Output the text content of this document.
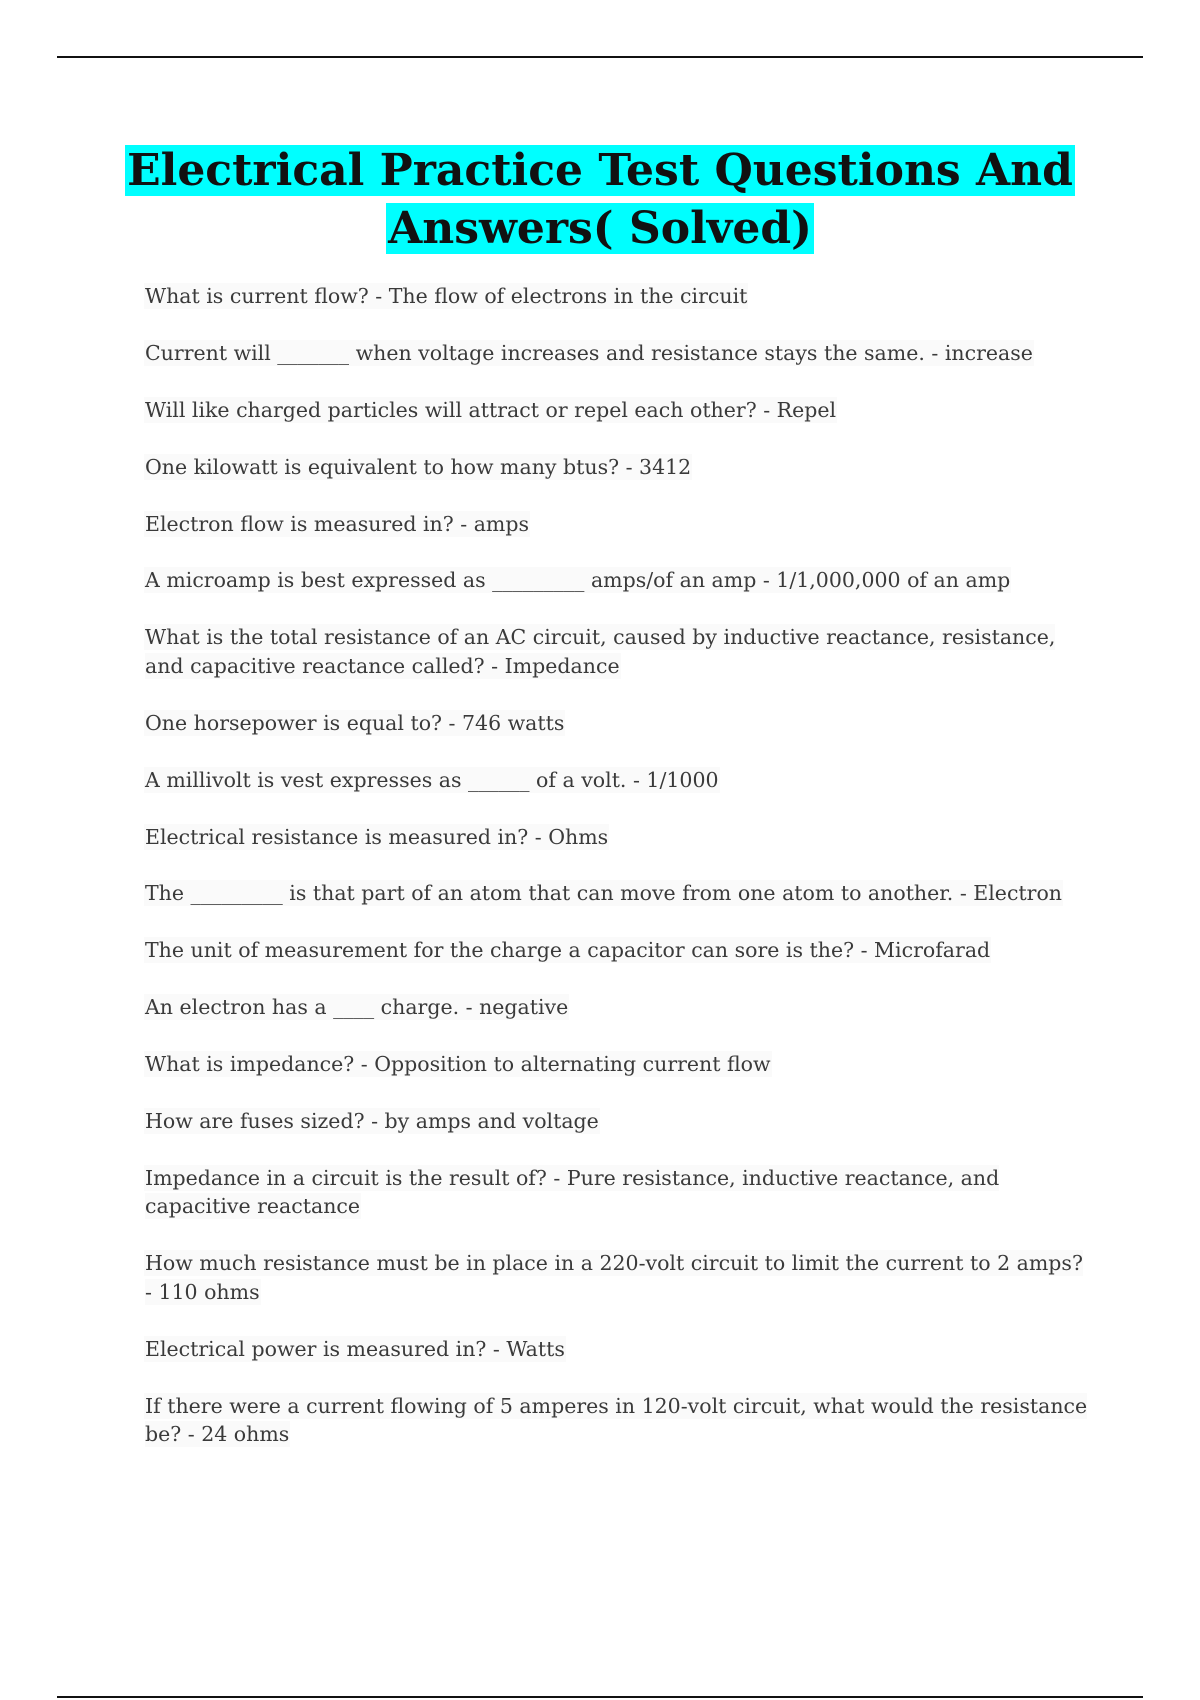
Electrical Practice Test Questions And
Answers( Solved)
What is current flow? - The flow of electrons in the circuit
Current will _______ when voltage increases and resistance stays the same. - increase
Will like charged particles will attract or repel each other? - Repel
One kilowatt is equivalent to how many btus? - 3412
Electron flow is measured in? - amps
A microamp is best expressed as _________ amps/of an amp - 1/1,000,000 of an amp
What is the total resistance of an AC circuit, caused by inductive reactance, resistance, and capacitive reactance called? - Impedance
One horsepower is equal to? - 746 watts
A millivolt is vest expresses as ______ of a volt. - 1/1000
Electrical resistance is measured in? - Ohms
The _________ is that part of an atom that can move from one atom to another. - Electron
The unit of measurement for the charge a capacitor can sore is the? - Microfarad
An electron has a ____ charge. - negative
What is impedance? - Opposition to alternating current flow
How are fuses sized? - by amps and voltage
Impedance in a circuit is the result of? - Pure resistance, inductive reactance, and capacitive reactance
How much resistance must be in place in a 220-volt circuit to limit the current to 2 amps? - 110 ohms
Electrical power is measured in? - Watts
If there were a current flowing of 5 amperes in 120-volt circuit, what would the resistance be? - 24 ohms
